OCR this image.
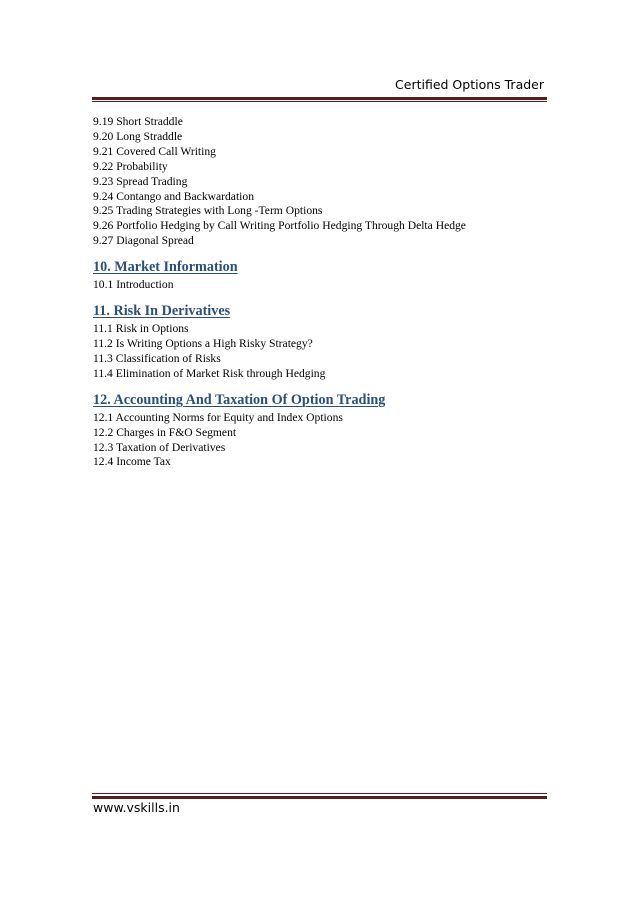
Certified Options Trader
9.19 Short Straddle
9.20 Long Straddle
9.21 Covered Call Writing
9.22 Probability
9.23 Spread Trading
9.24 Contango and Backwardation
9.25 Trading Strategies with Long -Term Options
9.26 Portfolio Hedging by Call Writing Portfolio Hedging Through Delta Hedge
9.27 Diagonal Spread
10. Market Information
10.1 Introduction
11. Risk In Derivatives
11.1 Risk in Options
11.2 Is Writing Options a High Risky Strategy?
11.3 Classification of Risks
11.4 Elimination of Market Risk through Hedging
12. Accounting And Taxation Of Option Trading
12.1 Accounting Norms for Equity and Index Options
12.2 Charges in F&O Segment
12.3 Taxation of Derivatives
12.4 Income Tax
www.vskills.in
